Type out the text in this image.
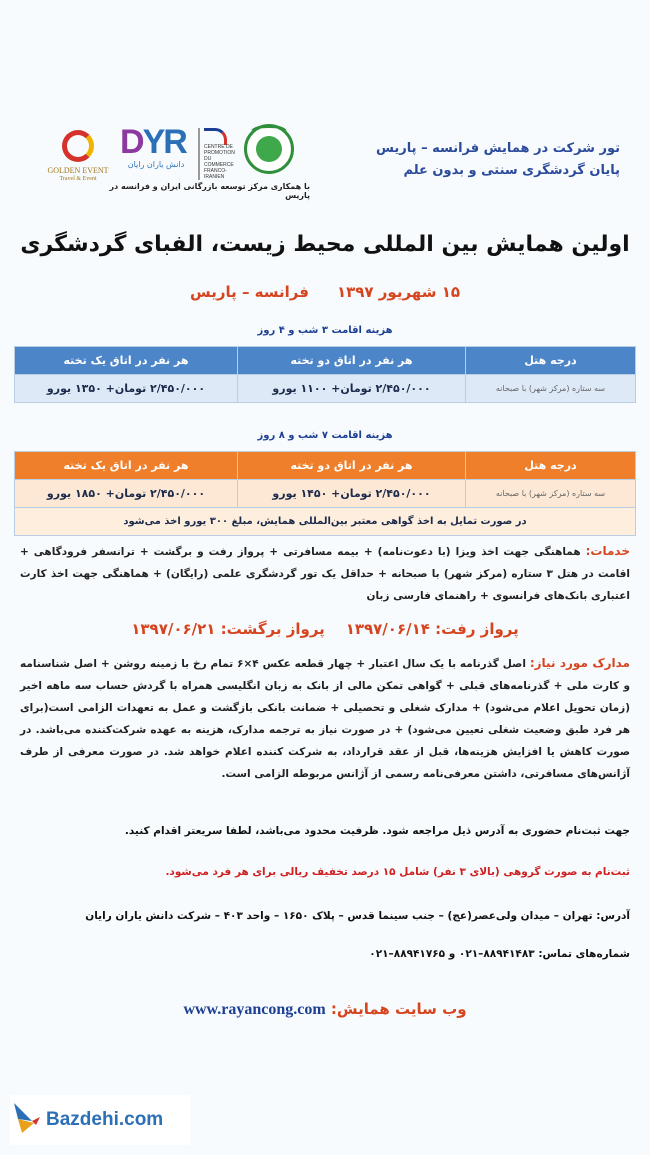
GOLDEN EVENT
Travel & Event
DYR
دانش یاران رایان
CENTRE DE PROMOTION DU COMMERCE FRANCO-IRANIEN
با همکاری مرکز توسعه بازرگانی ایران و فرانسه در پاریس
تور شرکت در همایش فرانسه – پاریس
پایان گردشگری سنتی و بدون علم
اولین همایش بین المللی محیط زیست، الفبای گردشگری
۱۵ شهریور ۱۳۹۷فرانسه – پاریس
هزینه اقامت ۳ شب و ۴ روز
درجه هتل	هر نفر در اتاق دو تخته	هر نفر در اتاق یک تخته
سه ستاره (مرکز شهر) با صبحانه	۲/۴۵۰/۰۰۰ تومان+ ۱۱۰۰ یورو	۲/۴۵۰/۰۰۰ تومان+ ۱۳۵۰ یورو
هزینه اقامت ۷ شب و ۸ روز
درجه هتل	هر نفر در اتاق دو تخته	هر نفر در اتاق یک تخته
سه ستاره (مرکز شهر) با صبحانه	۲/۴۵۰/۰۰۰ تومان+ ۱۴۵۰ یورو	۲/۴۵۰/۰۰۰ تومان+ ۱۸۵۰ یورو
در صورت تمایل به اخذ گواهی معتبر بین‌المللی همایش، مبلغ ۳۰۰ یورو اخذ می‌شود		
خدمات: هماهنگی جهت اخذ ویزا (با دعوت‌نامه) + بیمه مسافرتی + پرواز رفت و برگشت + ترانسفر فرودگاهی + اقامت در هتل ۳ ستاره (مرکز شهر) با صبحانه + حداقل یک تور گردشگری علمی (رایگان) + هماهنگی جهت اخذ کارت اعتباری بانک‌های فرانسوی + راهنمای فارسی زبان
پرواز رفت: ۱۳۹۷/۰۶/۱۴    پرواز برگشت: ۱۳۹۷/۰۶/۲۱
مدارک مورد نیاز: اصل گذرنامه با یک سال اعتبار + چهار قطعه عکس ۴×۶ تمام رخ با زمینه روشن + اصل شناسنامه و کارت ملی + گذرنامه‌های قبلی + گواهی تمکن مالی از بانک به زبان انگلیسی همراه با گردش حساب سه ماهه اخیر (زمان تحویل اعلام می‌شود) + مدارک شغلی و تحصیلی + ضمانت بانکی بازگشت و عمل به تعهدات الزامی است(برای هر فرد طبق وضعیت شغلی تعیین می‌شود) + در صورت نیاز به ترجمه مدارک، هزینه به عهده شرکت‌کننده می‌باشد. در صورت کاهش یا افزایش هزینه‌ها، قبل از عقد قرارداد، به شرکت کننده اعلام خواهد شد. در صورت معرفی از طرف آژانس‌های مسافرتی، داشتن معرفی‌نامه رسمی از آژانس مربوطه الزامی است.
جهت ثبت‌نام حضوری به آدرس ذیل مراجعه شود. ظرفیت محدود می‌باشد، لطفا سریعتر اقدام کنید.
ثبت‌نام به صورت گروهی (بالای ۳ نفر) شامل ۱۵ درصد تخفیف ریالی برای هر فرد می‌شود.
آدرس: تهران – میدان ولی‌عصر(عج) – جنب سینما قدس – پلاک ۱۶۵۰ – واحد ۴۰۳ – شرکت دانش یاران رایان
شماره‌های تماس: ۸۸۹۴۱۴۸۳–۰۲۱ و ۸۸۹۴۱۷۶۵–۰۲۱
وب سایت همایش: www.rayancong.com
Bazdehi.com
